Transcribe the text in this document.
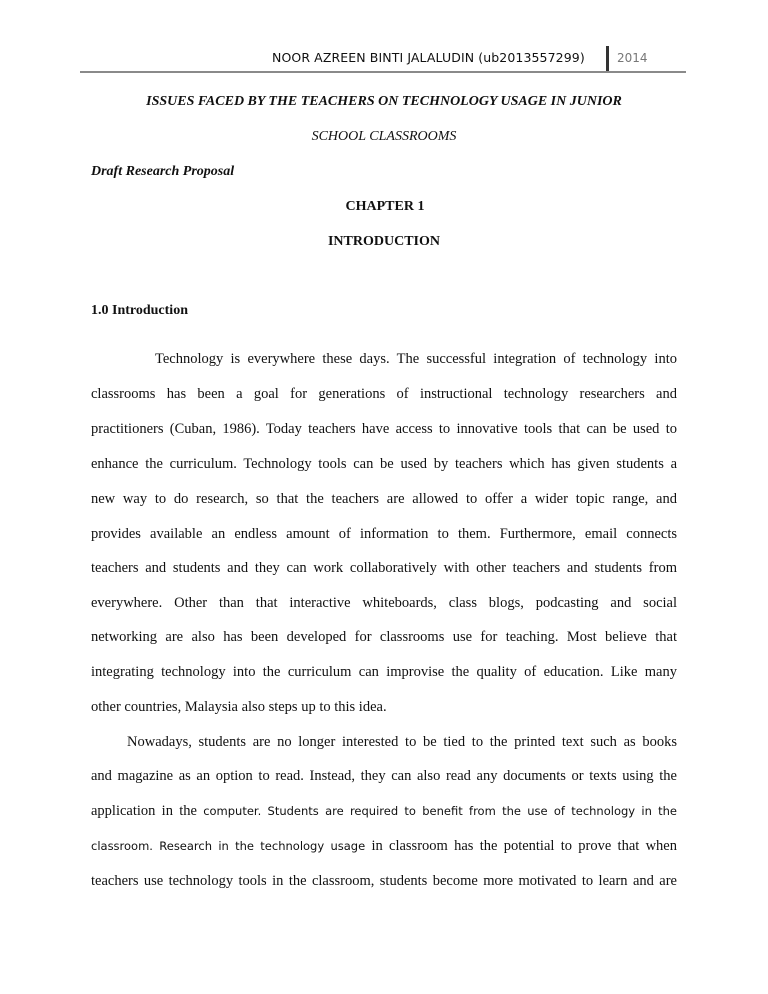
NOOR AZREEN BINTI JALALUDIN (ub2013557299)	2014
ISSUES FACED BY THE TEACHERS ON TECHNOLOGY USAGE IN JUNIOR
SCHOOL CLASSROOMS
Draft Research Proposal
CHAPTER 1
INTRODUCTION
1.0 Introduction
Technology is everywhere these days. The successful integration of technology into
classrooms has been a goal for generations of instructional technology researchers and
practitioners (Cuban, 1986). Today teachers have access to innovative tools that can be used to
enhance the curriculum. Technology tools can be used by teachers which has given students a
new way to do research, so that the teachers are allowed to offer a wider topic range, and
provides available an endless amount of information to them. Furthermore, email connects
teachers and students and they can work collaboratively with other teachers and students from
everywhere. Other than that interactive whiteboards, class blogs, podcasting and social
networking are also has been developed for classrooms use for teaching. Most believe that
integrating technology into the curriculum can improvise the quality of education. Like many
other countries, Malaysia also steps up to this idea.
Nowadays, students are no longer interested to be tied to the printed text such as books
and magazine as an option to read. Instead, they can also read any documents or texts using the
application in the computer. Students are required to benefit from the use of technology in the
classroom. Research in the technology usage in classroom has the potential to prove that when
teachers use technology tools in the classroom, students become more motivated to learn and are
